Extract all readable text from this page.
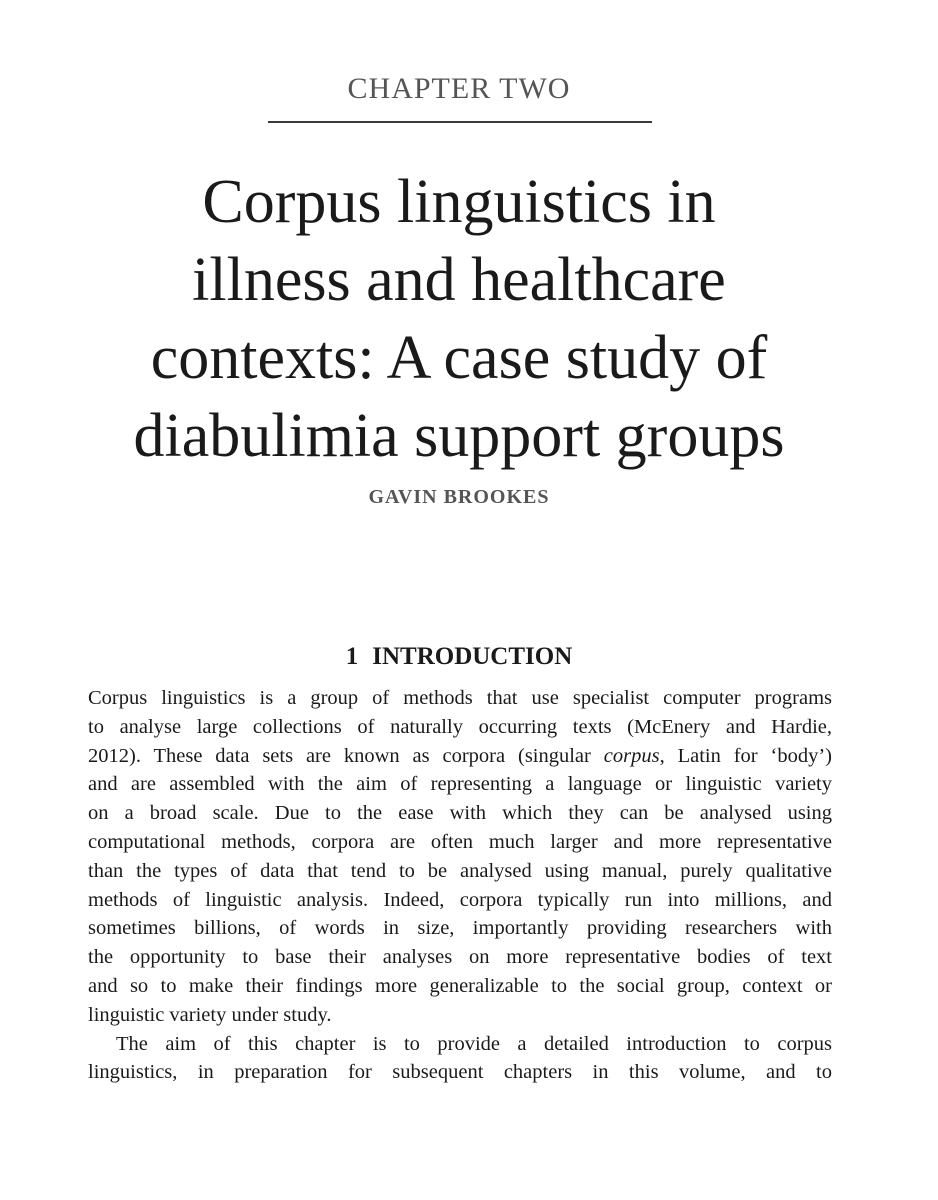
CHAPTER TWO
Corpus linguistics in
illness and healthcare
contexts: A case study of
diabulimia support groups
GAVIN BROOKES
1 INTRODUCTION
Corpus linguistics is a group of methods that use specialist computer programs
to analyse large collections of naturally occurring texts (McEnery and Hardie,
2012). These data sets are known as corpora (singular corpus, Latin for ‘body’)
and are assembled with the aim of representing a language or linguistic variety
on a broad scale. Due to the ease with which they can be analysed using
computational methods, corpora are often much larger and more representative
than the types of data that tend to be analysed using manual, purely qualitative
methods of linguistic analysis. Indeed, corpora typically run into millions, and
sometimes billions, of words in size, importantly providing researchers with
the opportunity to base their analyses on more representative bodies of text
and so to make their findings more generalizable to the social group, context or
linguistic variety under study.
The aim of this chapter is to provide a detailed introduction to corpus
linguistics, in preparation for subsequent chapters in this volume, and to
